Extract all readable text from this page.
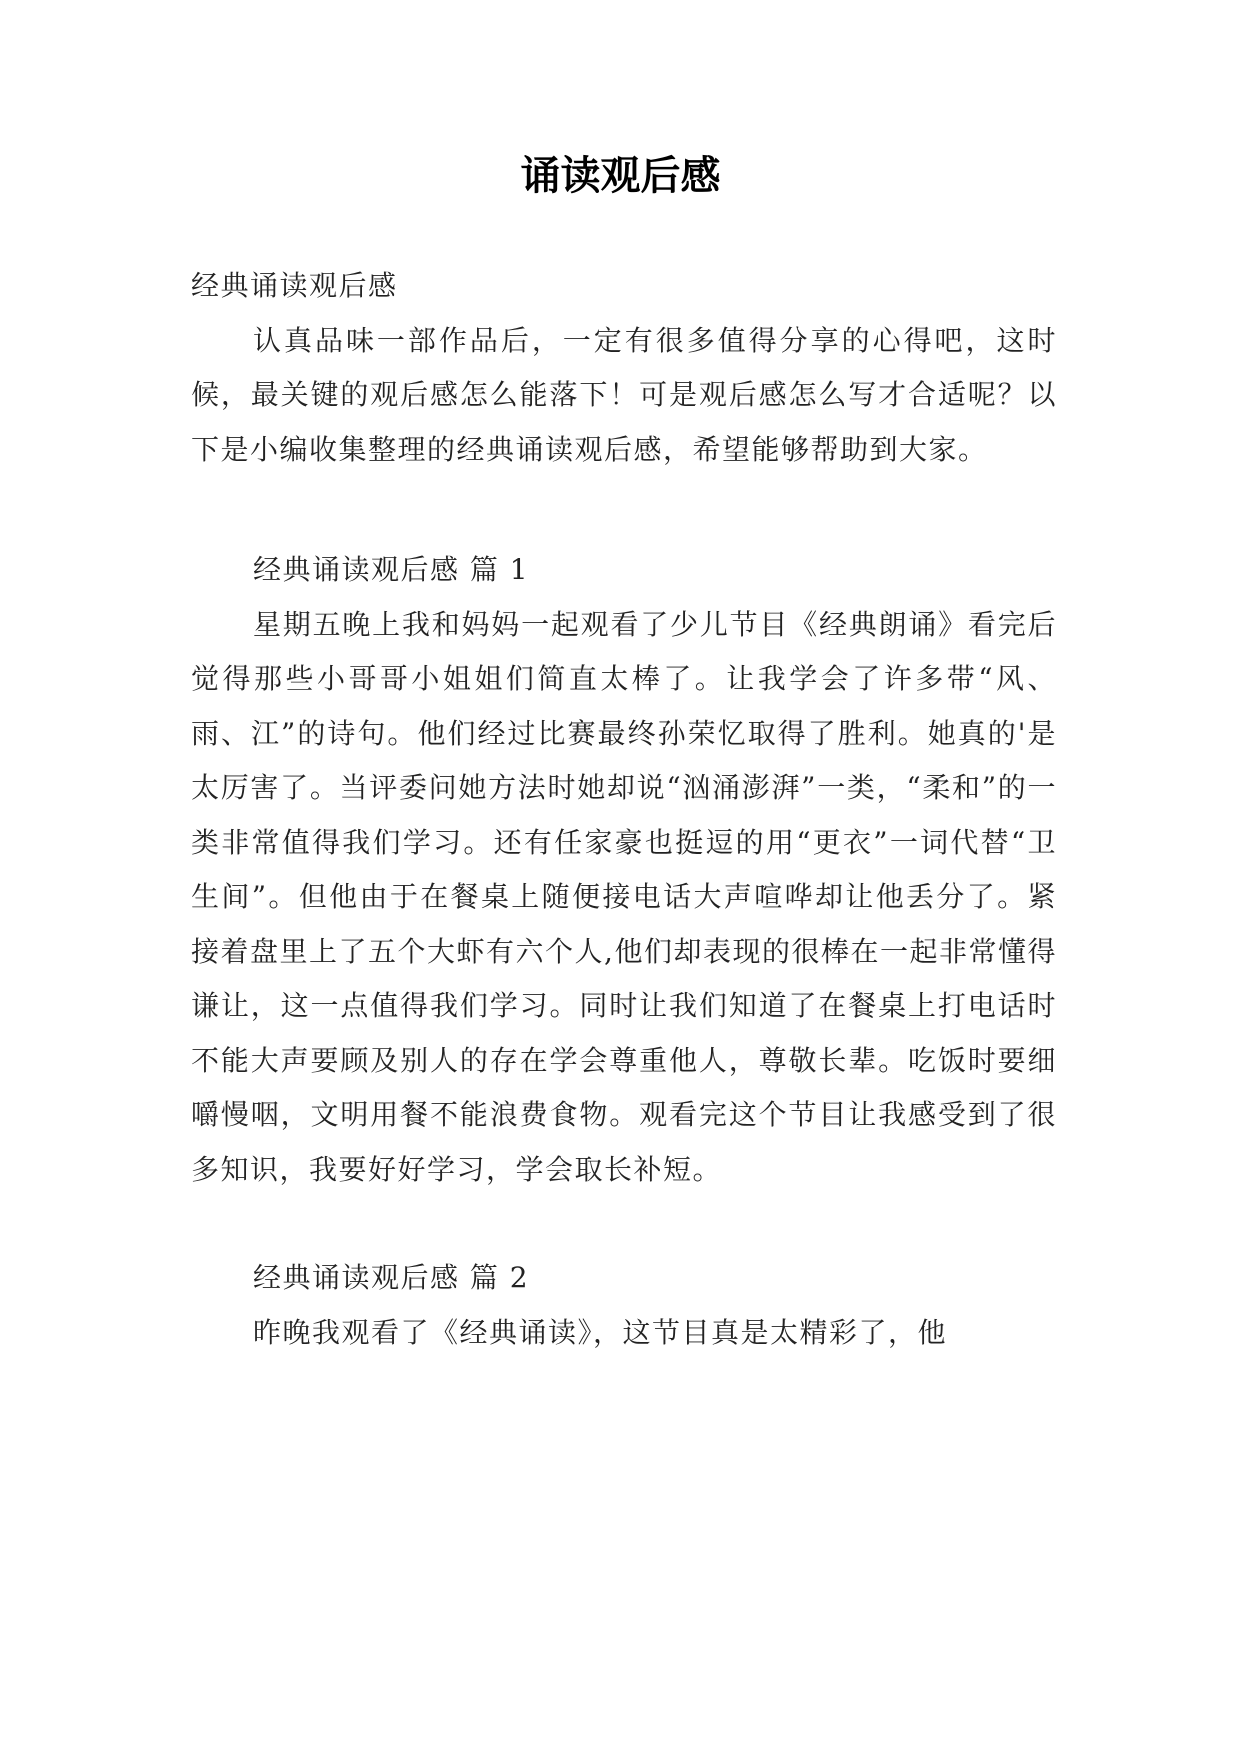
诵读观后感

经典诵读观后感

认真品味一部作品后，一定有很多值得分享的心得吧，这时候，最关键的观后感怎么能落下！可是观后感怎么写才合适呢？以下是小编收集整理的经典诵读观后感，希望能够帮助到大家。

经典诵读观后感 篇 1

星期五晚上我和妈妈一起观看了少儿节目《经典朗诵》看完后觉得那些小哥哥小姐姐们简直太棒了。让我学会了许多带“风、雨、江”的诗句。他们经过比赛最终孙荣忆取得了胜利。她真的'是太厉害了。当评委问她方法时她却说“汹涌澎湃”一类，“柔和”的一类非常值得我们学习。还有任家豪也挺逗的用“更衣”一词代替“卫生间”。但他由于在餐桌上随便接电话大声喧哗却让他丢分了。紧接着盘里上了五个大虾有六个人,他们却表现的很棒在一起非常懂得谦让，这一点值得我们学习。同时让我们知道了在餐桌上打电话时不能大声要顾及别人的存在学会尊重他人，尊敬长辈。吃饭时要细嚼慢咽，文明用餐不能浪费食物。观看完这个节目让我感受到了很多知识，我要好好学习，学会取长补短。

经典诵读观后感 篇 2

昨晚我观看了《经典诵读》，这节目真是太精彩了，他
